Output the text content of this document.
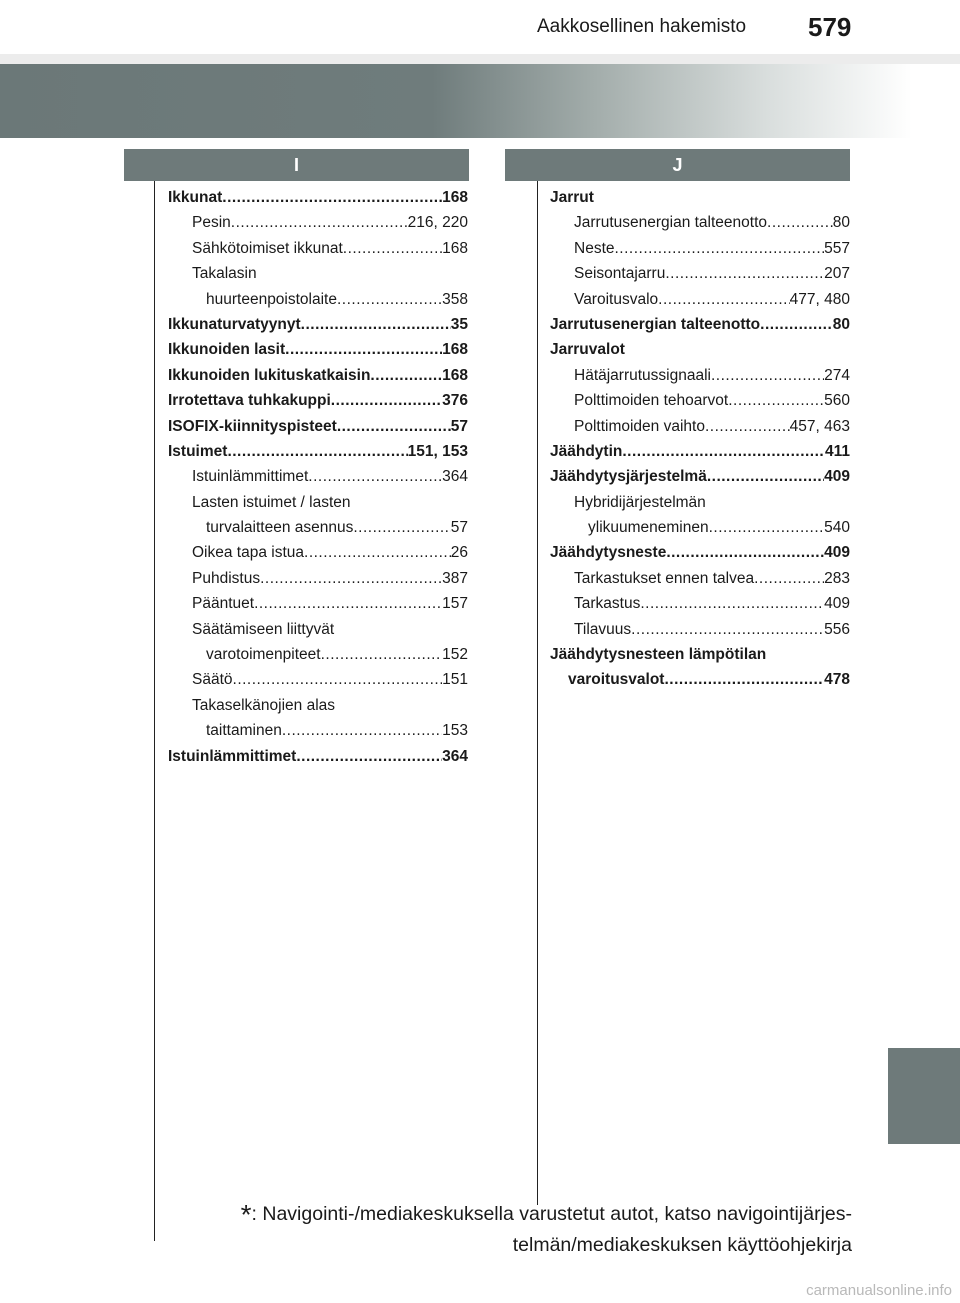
Aakkosellinen hakemisto 579
I	J
Ikkunat .....	168
Pesin .....	216, 220
Sähkötoimiset ikkunat .....	168
Takalasin
huurteenpoistolaite .....	358
Ikkunaturvatyynyt .....	35
Ikkunoiden lasit .....	168
Ikkunoiden lukituskatkaisin .....	168
Irrotettava tuhkakuppi .....	376
ISOFIX-kiinnityspisteet .....	57
Istuimet .....	151, 153
Istuinlämmittimet .....	364
Lasten istuimet / lasten
turvalaitteen asennus .....	57
Oikea tapa istua .....	26
Puhdistus .....	387
Pääntuet .....	157
Säätämiseen liittyvät
varotoimenpiteet .....	152
Säätö .....	151
Takaselkänojien alas
taittaminen .....	153
Istuinlämmittimet .....	364
Jarrut
Jarrutusenergian talteenotto .....	80
Neste .....	557
Seisontajarru .....	207
Varoitusvalo .....	477, 480
Jarrutusenergian talteenotto .....	80
Jarruvalot
Hätäjarrutussignaali .....	274
Polttimoiden tehoarvot .....	560
Polttimoiden vaihto .....	457, 463
Jäähdytin .....	411
Jäähdytysjärjestelmä .....	409
Hybridijärjestelmän
ylikuumeneminen .....	540
Jäähdytysneste .....	409
Tarkastukset ennen talvea .....	283
Tarkastus .....	409
Tilavuus .....	556
Jäähdytysnesteen lämpötilan
varoitusvalot .....	478
*: Navigointi-/mediakeskuksella varustetut autot, katso navigointijärjes-
telmän/mediakeskuksen käyttöohjekirja
carmanualsonline.info
